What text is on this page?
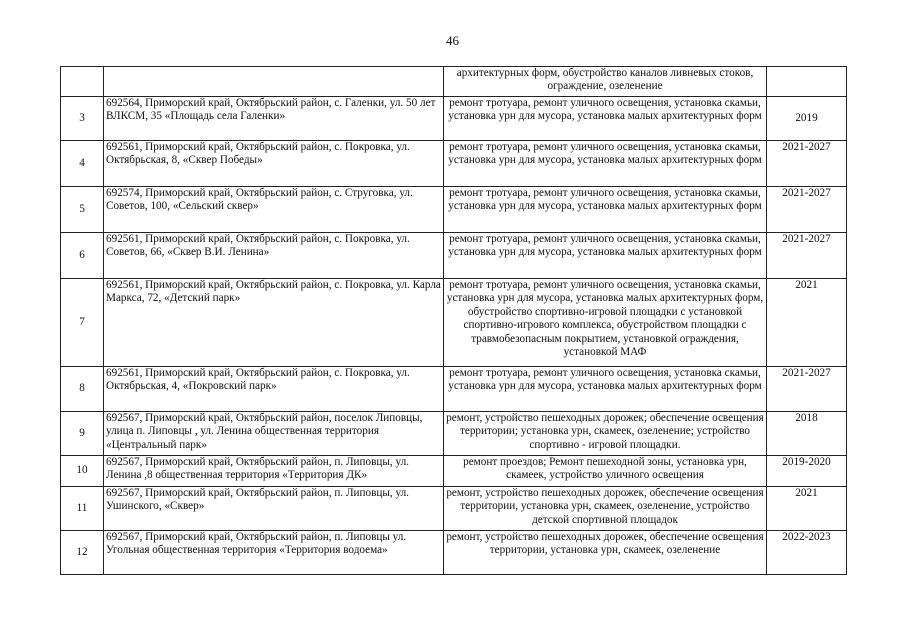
46
		архитектурных форм, обустройство каналов ливневых стоков, ограждение, озеленение	
3	692564, Приморский край, Октябрьский район, с. Галенки, ул. 50 лет ВЛКСМ, 35 «Площадь села Галенки»	ремонт тротуара, ремонт уличного освещения, установка скамьи, установка урн для мусора, установка малых архитектурных форм	2019
4	692561, Приморский край, Октябрьский район, с. Покровка, ул. Октябрьская, 8, «Сквер Победы»	ремонт тротуара, ремонт уличного освещения, установка скамьи, установка урн для мусора, установка малых архитектурных форм	2021-2027
5	692574, Приморский край, Октябрьский район, с. Струговка, ул. Советов, 100, «Сельский сквер»	ремонт тротуара, ремонт уличного освещения, установка скамьи, установка урн для мусора, установка малых архитектурных форм	2021-2027
6	692561, Приморский край, Октябрьский район, с. Покровка, ул. Советов, 66, «Сквер В.И. Ленина»	ремонт тротуара, ремонт уличного освещения, установка скамьи, установка урн для мусора, установка малых архитектурных форм	2021-2027
7	692561, Приморский край, Октябрьский район, с. Покровка, ул. Карла Маркса, 72, «Детский парк»	ремонт тротуара, ремонт уличного освещения, установка скамьи, установка урн для мусора, установка малых архитектурных форм, обустройство спортивно-игровой площадки с установкой спортивно-игрового комплекса, обустройством площадки с травмобезопасным покрытием, установкой ограждения, установкой МАФ	2021
8	692561, Приморский край, Октябрьский район, с. Покровка, ул. Октябрьская, 4, «Покровский парк»	ремонт тротуара, ремонт уличного освещения, установка скамьи, установка урн для мусора, установка малых архитектурных форм	2021-2027
9	692567, Приморский край, Октябрьский район, поселок Липовцы, улица п. Липовцы , ул. Ленина общественная территория «Центральный парк»	ремонт, устройство пешеходных дорожек; обеспечение освещения территории; установка урн, скамеек, озеленение; устройство спортивно - игровой площадки.	2018
10	692567, Приморский край, Октябрьский район, п. Липовцы, ул. Ленина ,8 общественная территория «Территория ДК»	ремонт проездов; Ремонт пешеходной зоны, установка урн, скамеек, устройство уличного освещения	2019-2020
11	692567, Приморский край, Октябрьский район, п. Липовцы, ул. Ушинского, «Сквер»	ремонт, устройство пешеходных дорожек, обеспечение освещения территории, установка урн, скамеек, озеленение, устройство детской спортивной площадок	2021
12	692567, Приморский край, Октябрьский район, п. Липовцы ул. Угольная общественная территория «Территория водоема»	ремонт, устройство пешеходных дорожек, обеспечение освещения территории, установка урн, скамеек, озеленение	2022-2023
